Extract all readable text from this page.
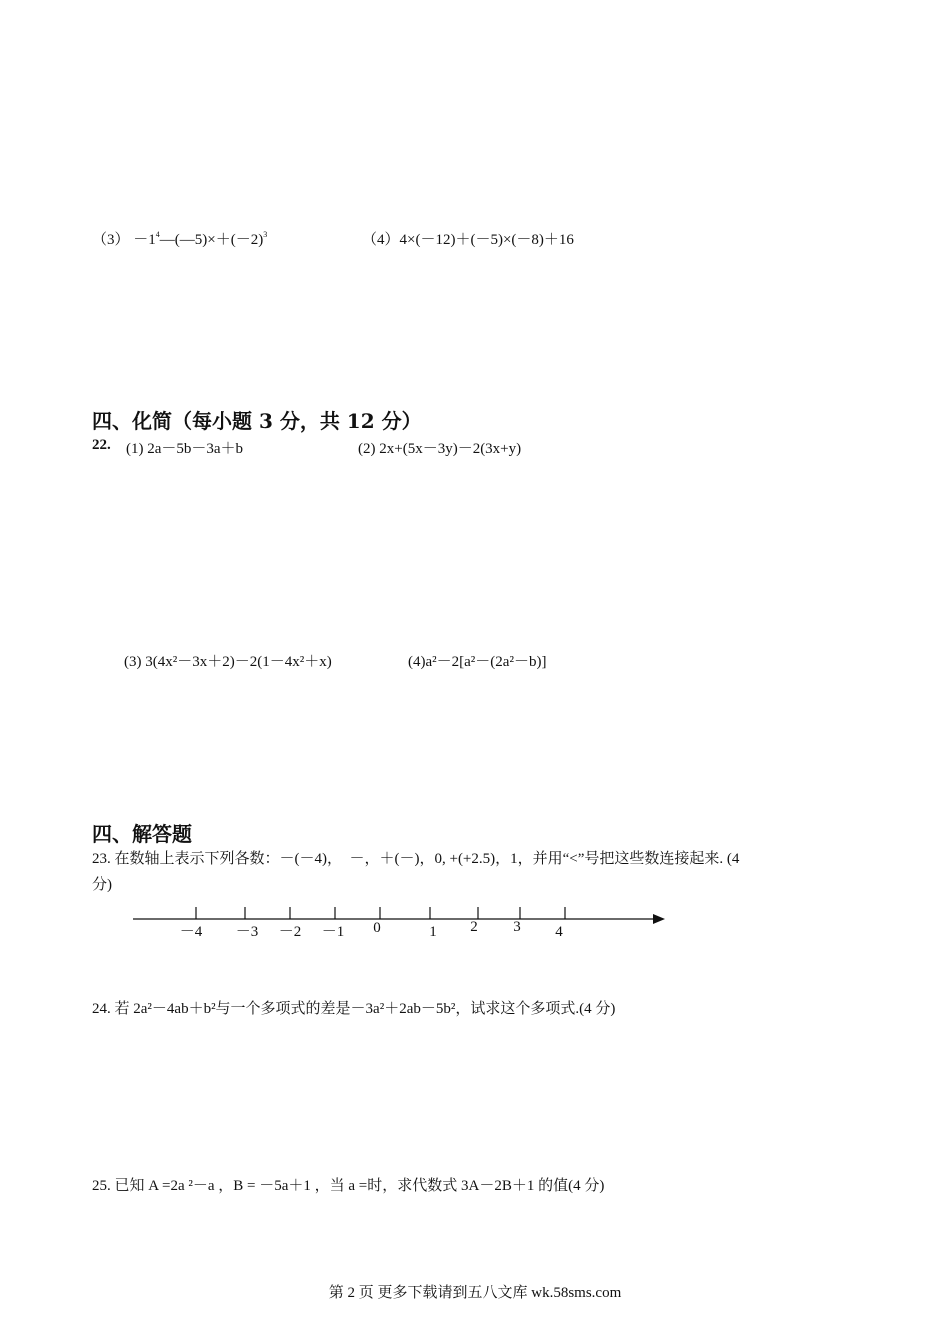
$(3) -1^4—(—5)\times+(-2)^3$	（4）4×(－12)＋(－5)×(－8)＋16
四、化简（每小题 3 分，共 12 分）
22. (1) 2a－5b－3a＋b	(2) 2x+(5x－3y)－2(3x+y)
(3) 3(4x²－3x＋2)－2(1－4x²＋x)	(4)a²－2[a²－(2a²－b)]
四、解答题
23. 在数轴上表示下列各数：－(－4)，　－，＋(－)，0, +(+2.5)，1，并用“<”号把这些数连接起来. (4
分)
－4 －3 －2 －1 0	1 2 3 4
24. 若 2a²－4ab＋b²与一个多项式的差是－3a²＋2ab－5b²，试求这个多项式.(4 分)
25. 已知 A =2a ²－a ，B = －5a＋1 ，当 a =时，求代数式 3A－2B＋1 的值(4 分)
第 2 页 更多下载请到五八文库 wk.58sms.com
